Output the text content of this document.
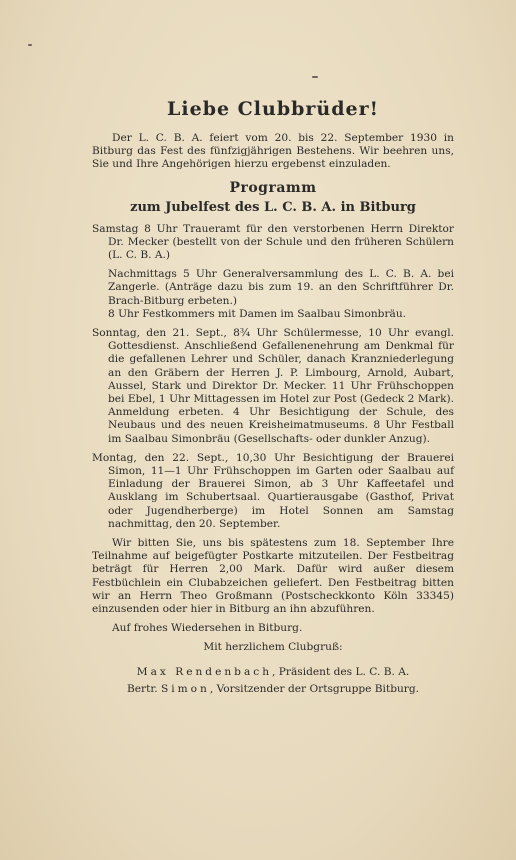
Liebe Clubbrüder!

Der L. C. B. A. feiert vom 20. bis 22. September 1930 in Bitburg das Fest des fünfzigjährigen Bestehens. Wir beehren uns, Sie und Ihre Angehörigen hierzu ergebenst einzuladen.

Programm
zum Jubelfest des L. C. B. A. in Bitburg

Samstag 8 Uhr Traueramt für den verstorbenen Herrn Direktor Dr. Mecker (bestellt von der Schule und den früheren Schülern (L. C. B. A.)

Nachmittags 5 Uhr Generalversammlung des L. C. B. A. bei Zangerle. (Anträge dazu bis zum 19. an den Schriftführer Dr. Brach-Bitburg erbeten.)

8 Uhr Festkommers mit Damen im Saalbau Simonbräu.

Sonntag, den 21. Sept., 8¾ Uhr Schülermesse, 10 Uhr evangl. Gottesdienst. Anschließend Gefallenenehrung am Denkmal für die gefallenen Lehrer und Schüler, danach Kranzniederlegung an den Gräbern der Herren J. P. Limbourg, Arnold, Aubart, Aussel, Stark und Direktor Dr. Mecker. 11 Uhr Frühschoppen bei Ebel, 1 Uhr Mittagessen im Hotel zur Post (Gedeck 2 Mark). Anmeldung erbeten. 4 Uhr Besichtigung der Schule, des Neubaus und des neuen Kreisheimatmuseums. 8 Uhr Festball im Saalbau Simonbräu (Gesellschafts- oder dunkler Anzug).

Montag, den 22. Sept., 10,30 Uhr Besichtigung der Brauerei Simon, 11—1 Uhr Frühschoppen im Garten oder Saalbau auf Einladung der Brauerei Simon, ab 3 Uhr Kaffeetafel und Ausklang im Schubertsaal. Quartierausgabe (Gasthof, Privat oder Jugendherberge) im Hotel Sonnen am Samstag nachmittag, den 20. September.

Wir bitten Sie, uns bis spätestens zum 18. September Ihre Teilnahme auf beigefügter Postkarte mitzuteilen. Der Festbeitrag beträgt für Herren 2,00 Mark. Dafür wird außer diesem Festbüchlein ein Clubabzeichen geliefert. Den Festbeitrag bitten wir an Herrn Theo Großmann (Postscheckkonto Köln 33345) einzusenden oder hier in Bitburg an ihn abzuführen.

Auf frohes Wiedersehen in Bitburg.

Mit herzlichem Clubgruß:

Max Rendenbach, Präsident des L. C. B. A.

Bertr. Simon, Vorsitzender der Ortsgruppe Bitburg.
